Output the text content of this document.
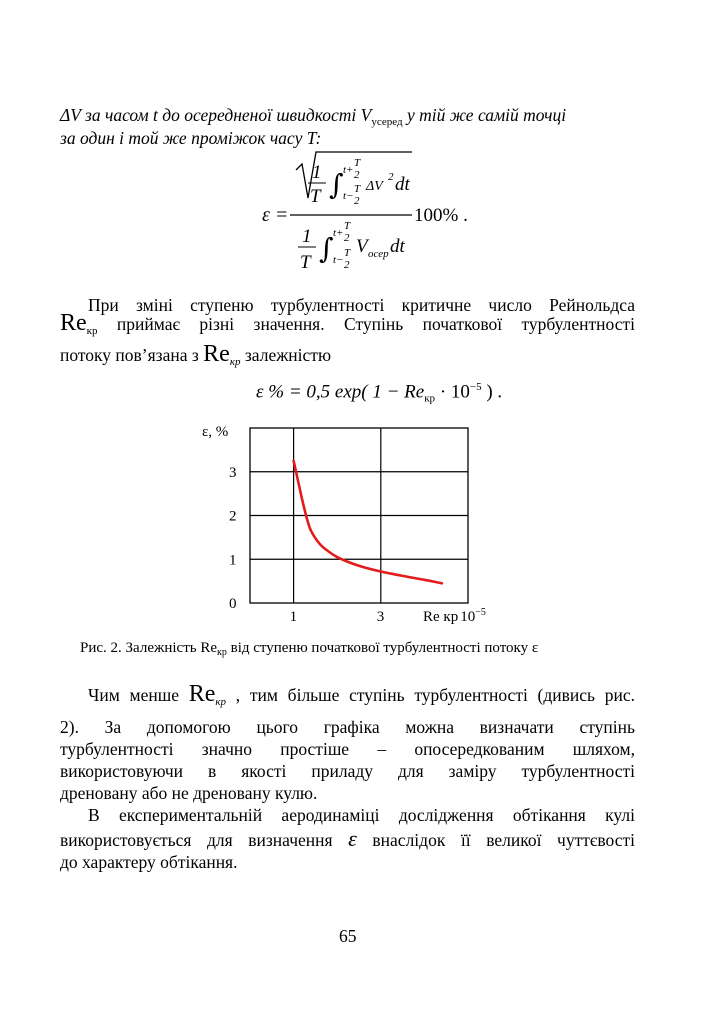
ΔV за часом t до осередненої швидкості $V_{усеред}$ у тій же самій точці
за один і той же проміжок часу T:
ε =
1
T ∫ t+
T
2
t−
T
2
ΔV
2 dt
1
T ∫ t+
T
2
t−
T
2
V осер dt
100% .
При зміні ступеню турбулентності критичне число Рейнольдса
$Re_{кр}$ приймає різні значення. Ступінь початкової турбулентності
потоку пов’язана з $Re_{кр}$ залежністю
ε % = 0,5 exp( $1 - Re_{кр} \cdot 10^{-5}$ ) .
ε, %
0
1
2
3
1	3	Re кр $10^{-5}$
Рис. 2. Залежність $Re_{кр}$ від ступеню початкової турбулентності потоку ε
Чим менше $Re_{кр}$ , тим більше ступінь турбулентності (дивись рис.
2). За допомогою цього графіка можна визначати ступінь
турбулентності значно простіше – опосередкованим шляхом,
використовуючи в якості приладу для заміру турбулентності
дреновану або не дреновану кулю.
В експериментальній аеродинаміці дослідження обтікання кулі
використовується для визначення ε внаслідок її великої чуттєвості
до характеру обтікання.
65
